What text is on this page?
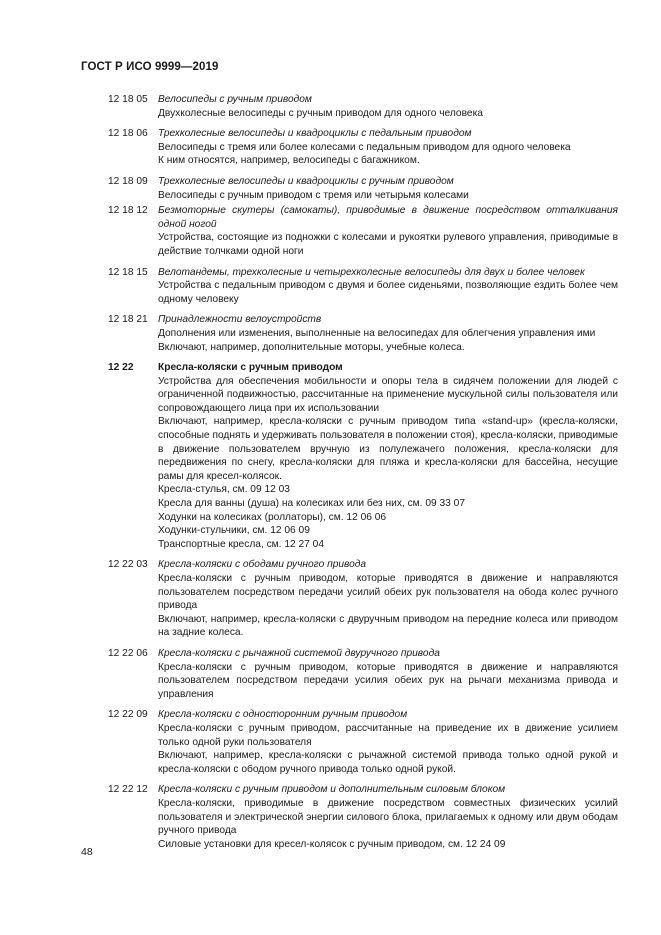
ГОСТ Р ИСО 9999—2019
12 18 05	Велосипеды с ручным приводом
Двухколесные велосипеды с ручным приводом для одного человека
12 18 06	Трехколесные велосипеды и квадроциклы с педальным приводом
Велосипеды с тремя или более колесами с педальным приводом для одного человека
К ним относятся, например, велосипеды с багажником.
12 18 09	Трехколесные велосипеды и квадроциклы с ручным приводом
Велосипеды с ручным приводом с тремя или четырьмя колесами
12 18 12	Безмоторные скутеры (самокаты), приводимые в движение посредством отталкивания одной ногой
Устройства, состоящие из подножки с колесами и рукоятки рулевого управления, приводимые в действие толчками одной ноги
12 18 15	Велотандемы, трехколесные и четырехколесные велосипеды для двух и более человек
Устройства с педальным приводом с двумя и более сиденьями, позволяющие ездить более чем одному человеку
12 18 21	Принадлежности велоустройств
Дополнения или изменения, выполненные на велосипедах для облегчения управления ими
Включают, например, дополнительные моторы, учебные колеса.
12 22	Кресла-коляски с ручным приводом
Устройства для обеспечения мобильности и опоры тела в сидячем положении для людей с ограниченной подвижностью, рассчитанные на применение мускульной силы пользователя или сопровождающего лица при их использовании
Включают, например, кресла-коляски с ручным приводом типа «stand-up» (кресла-коляски, способные поднять и удерживать пользователя в положении стоя), кресла-коляски, приводимые в движение пользователем вручную из полулежачего положения, кресла-коляски для передвижения по снегу, кресла-коляски для пляжа и кресла-коляски для бассейна, несущие рамы для кресел-колясок.
Кресла-стулья, см. 09 12 03
Кресла для ванны (душа) на колесиках или без них, см. 09 33 07
Ходунки на колесиках (роллаторы), см. 12 06 06
Ходунки-стульчики, см. 12 06 09
Транспортные кресла, см. 12 27 04
12 22 03	Кресла-коляски с ободами ручного привода
Кресла-коляски с ручным приводом, которые приводятся в движение и направляются пользователем посредством передачи усилий обеих рук пользователя на обода колес ручного привода
Включают, например, кресла-коляски с двуручным приводом на передние колеса или приводом на задние колеса.
12 22 06	Кресла-коляски с рычажной системой двуручного привода
Кресла-коляски с ручным приводом, которые приводятся в движение и направляются пользователем посредством передачи усилия обеих рук на рычаги механизма привода и управления
12 22 09	Кресла-коляски с односторонним ручным приводом
Кресла-коляски с ручным приводом, рассчитанные на приведение их в движение усилием только одной руки пользователя
Включают, например, кресла-коляски с рычажной системой привода только одной рукой и кресла-коляски с ободом ручного привода только одной рукой.
12 22 12	Кресла-коляски с ручным приводом и дополнительным силовым блоком
Кресла-коляски, приводимые в движение посредством совместных физических усилий пользователя и электрической энергии силового блока, прилагаемых к одному или двум ободам ручного привода
Силовые установки для кресел-колясок с ручным приводом, см. 12 24 09
48
